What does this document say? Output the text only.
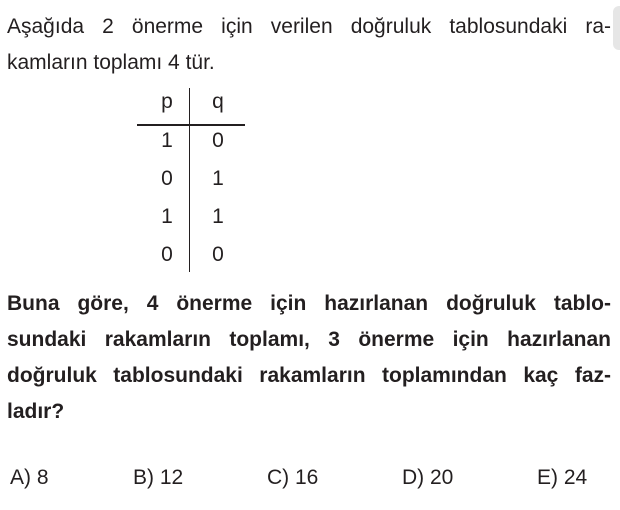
Aşağıda 2 önerme için verilen doğruluk tablosundaki ra-
kamların toplamı 4 tür.
p	q
1	0
0	1
1	1
0	0
Buna göre, 4 önerme için hazırlanan doğruluk tablo-
sundaki rakamların toplamı, 3 önerme için hazırlanan
doğruluk tablosundaki rakamların toplamından kaç faz-
ladır?
A) 8	B) 12	C) 16	D) 20	E) 24
